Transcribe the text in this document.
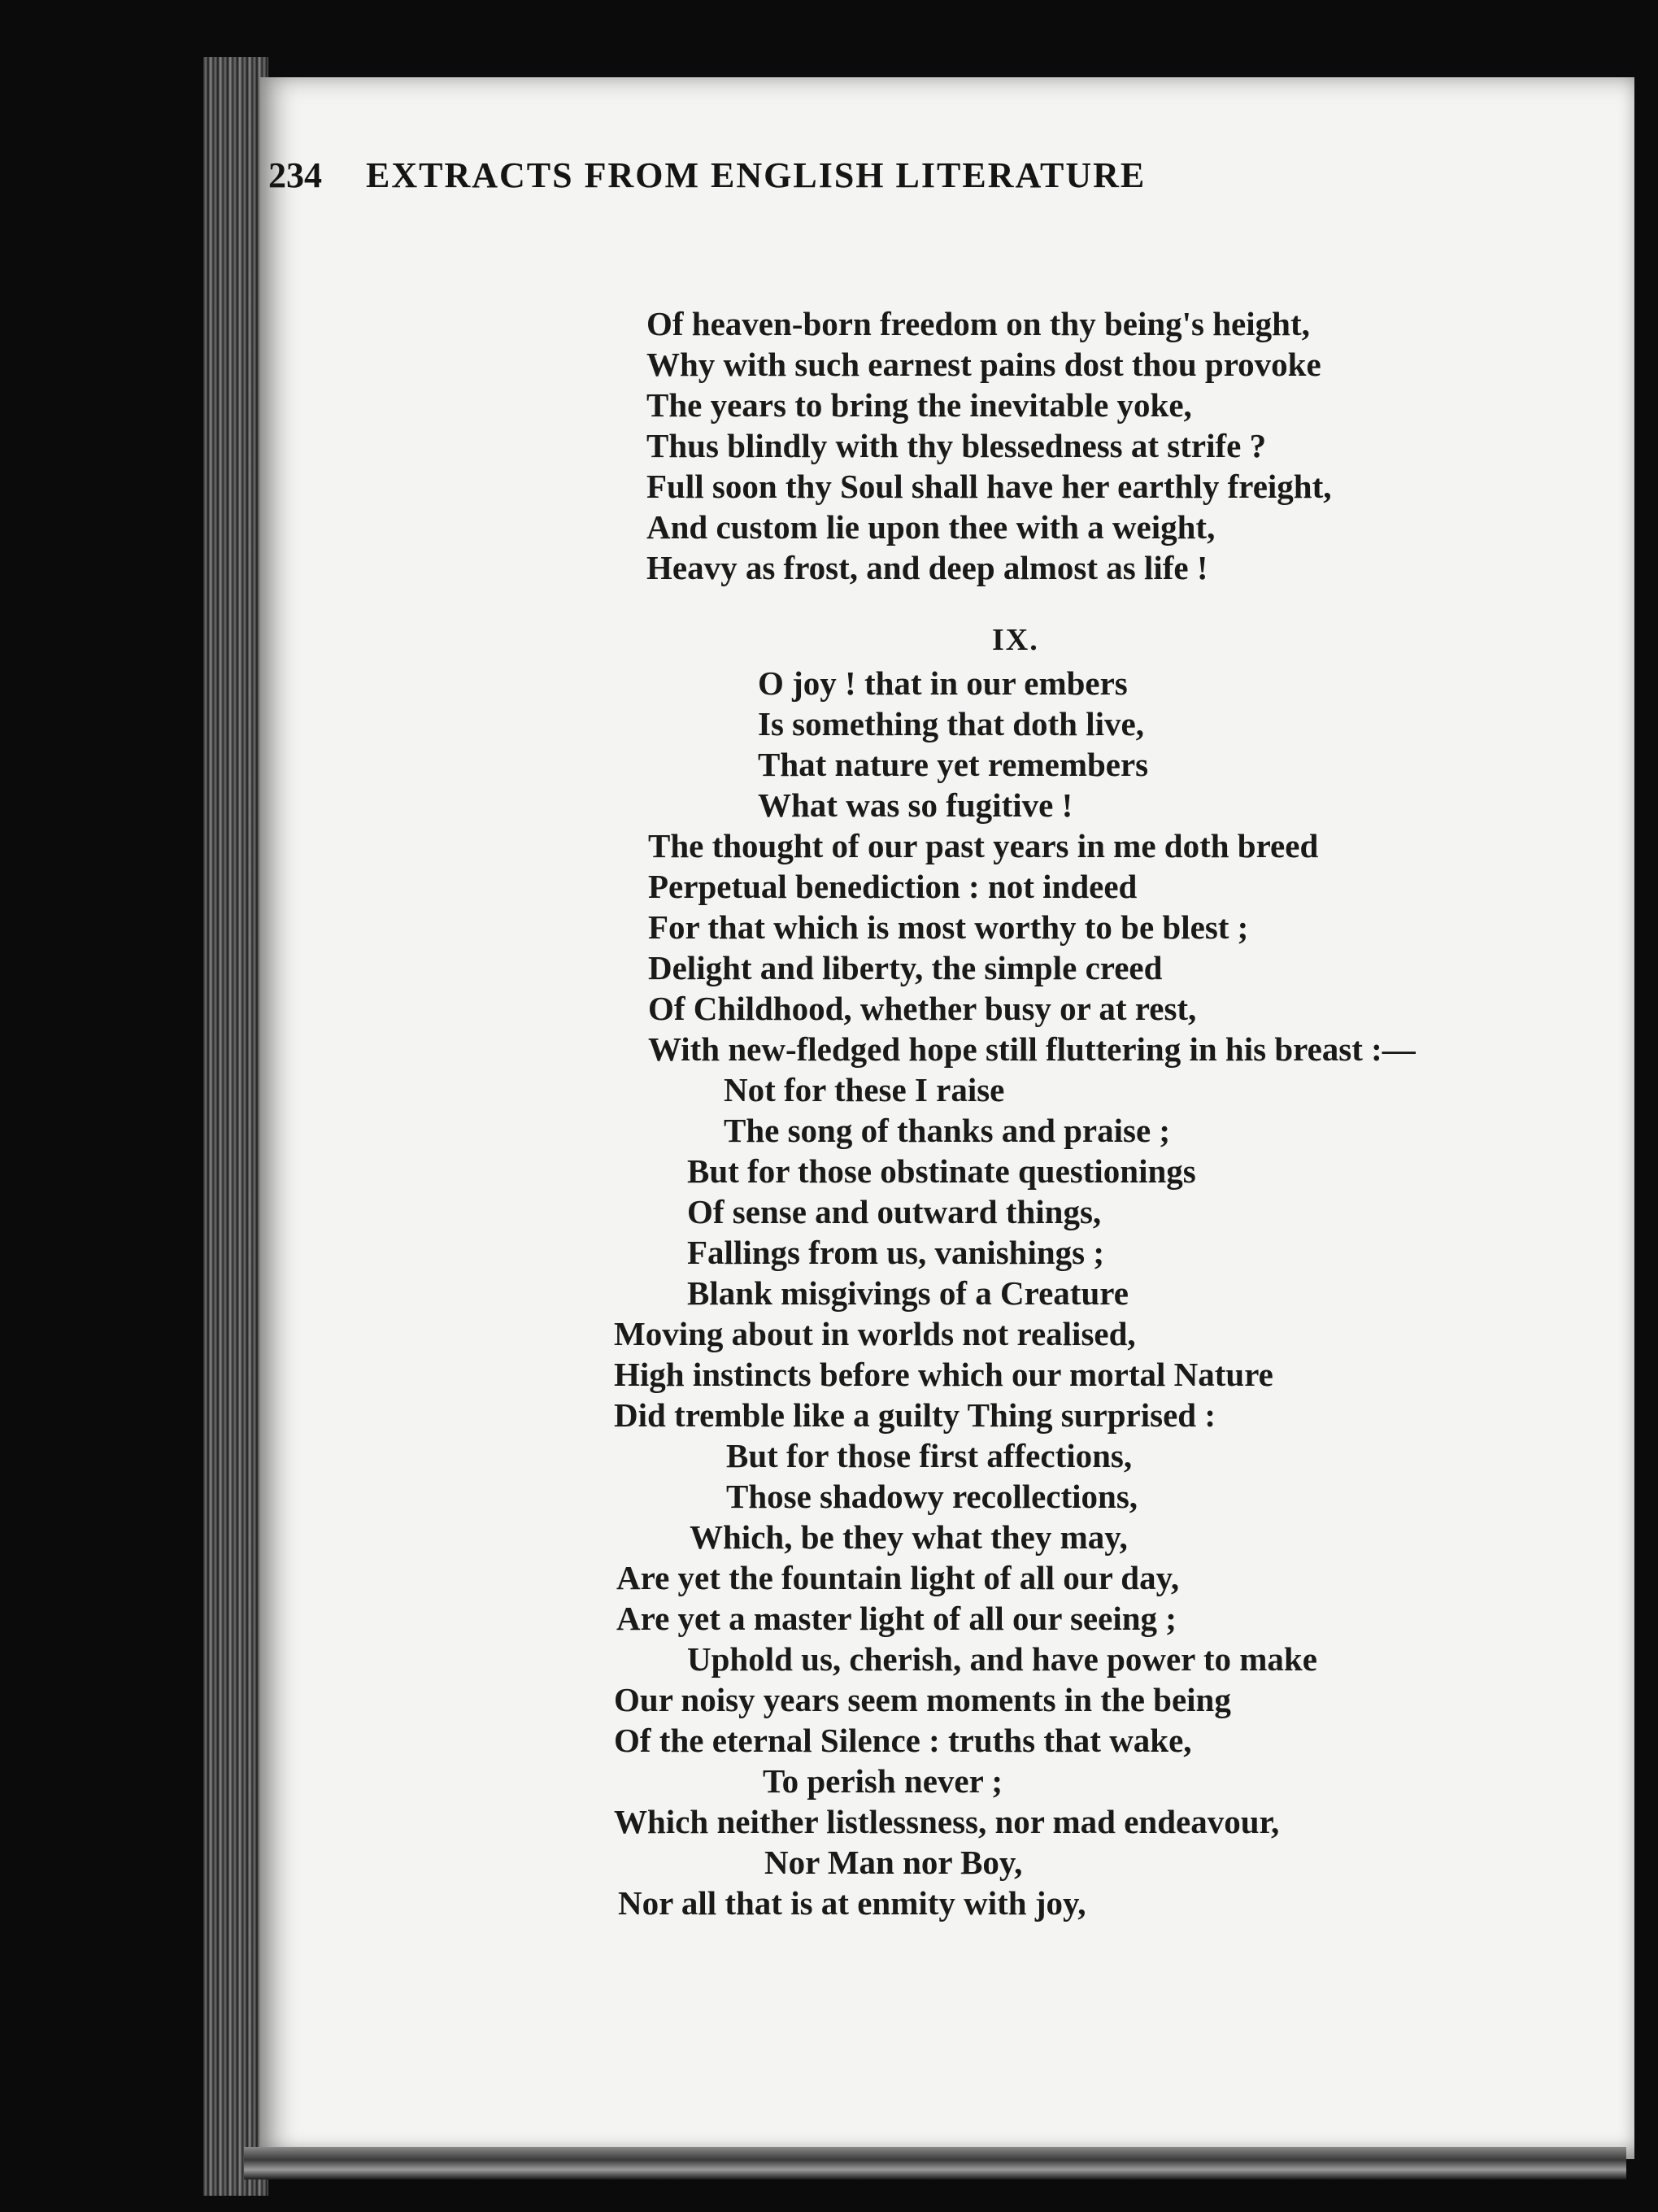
234 EXTRACTS FROM ENGLISH LITERATURE
Of heaven-born freedom on thy being's height,
Why with such earnest pains dost thou provoke
The years to bring the inevitable yoke,
Thus blindly with thy blessedness at strife ?
Full soon thy Soul shall have her earthly freight,
And custom lie upon thee with a weight,
Heavy as frost, and deep almost as life !
IX.
O joy ! that in our embers
Is something that doth live,
That nature yet remembers
What was so fugitive !
The thought of our past years in me doth breed
Perpetual benediction : not indeed
For that which is most worthy to be blest ;
Delight and liberty, the simple creed
Of Childhood, whether busy or at rest,
With new-fledged hope still fluttering in his breast :—
Not for these I raise
The song of thanks and praise ;
But for those obstinate questionings
Of sense and outward things,
Fallings from us, vanishings ;
Blank misgivings of a Creature
Moving about in worlds not realised,
High instincts before which our mortal Nature
Did tremble like a guilty Thing surprised :
But for those first affections,
Those shadowy recollections,
Which, be they what they may,
Are yet the fountain light of all our day,
Are yet a master light of all our seeing ;
Uphold us, cherish, and have power to make
Our noisy years seem moments in the being
Of the eternal Silence : truths that wake,
To perish never ;
Which neither listlessness, nor mad endeavour,
Nor Man nor Boy,
Nor all that is at enmity with joy,
